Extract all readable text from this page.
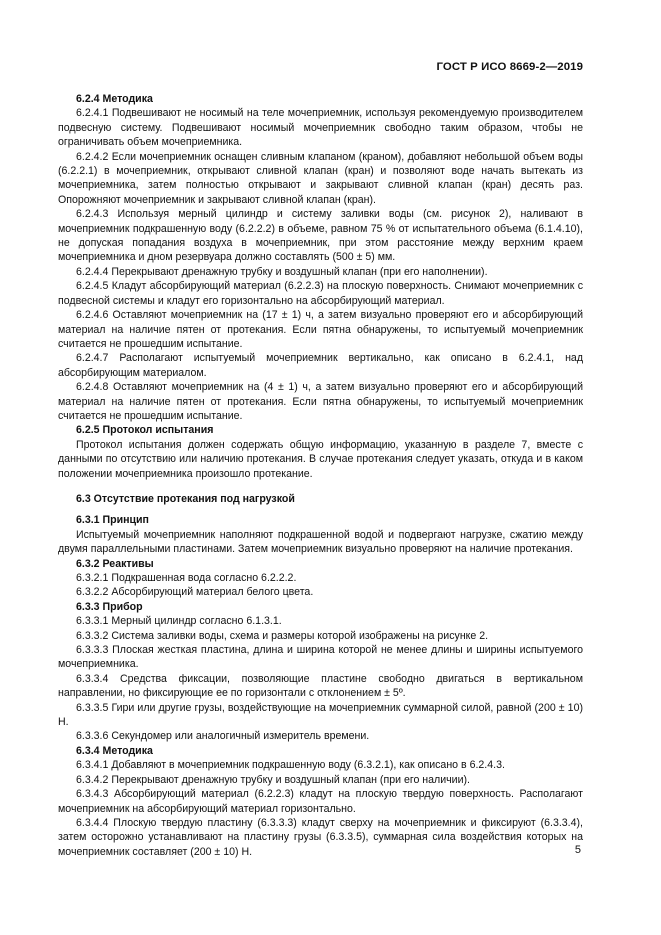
ГОСТ Р ИСО 8669-2—2019
6.2.4 Методика
6.2.4.1 Подвешивают не носимый на теле мочеприемник, используя рекомендуемую производителем подвесную систему. Подвешивают носимый мочеприемник свободно таким образом, чтобы не ограничивать объем мочеприемника.
6.2.4.2 Если мочеприемник оснащен сливным клапаном (краном), добавляют небольшой объем воды (6.2.2.1) в мочеприемник, открывают сливной клапан (кран) и позволяют воде начать вытекать из мочеприемника, затем полностью открывают и закрывают сливной клапан (кран) десять раз. Опорожняют мочеприемник и закрывают сливной клапан (кран).
6.2.4.3 Используя мерный цилиндр и систему заливки воды (см. рисунок 2), наливают в мочеприемник подкрашенную воду (6.2.2.2) в объеме, равном 75 % от испытательного объема (6.1.4.10), не допуская попадания воздуха в мочеприемник, при этом расстояние между верхним краем мочеприемника и дном резервуара должно составлять (500 ± 5) мм.
6.2.4.4 Перекрывают дренажную трубку и воздушный клапан (при его наполнении).
6.2.4.5 Кладут абсорбирующий материал (6.2.2.3) на плоскую поверхность. Снимают мочеприемник с подвесной системы и кладут его горизонтально на абсорбирующий материал.
6.2.4.6 Оставляют мочеприемник на (17 ± 1) ч, а затем визуально проверяют его и абсорбирующий материал на наличие пятен от протекания. Если пятна обнаружены, то испытуемый мочеприемник считается не прошедшим испытание.
6.2.4.7 Располагают испытуемый мочеприемник вертикально, как описано в 6.2.4.1, над абсорбирующим материалом.
6.2.4.8 Оставляют мочеприемник на (4 ± 1) ч, а затем визуально проверяют его и абсорбирующий материал на наличие пятен от протекания. Если пятна обнаружены, то испытуемый мочеприемник считается не прошедшим испытание.
6.2.5 Протокол испытания
Протокол испытания должен содержать общую информацию, указанную в разделе 7, вместе с данными по отсутствию или наличию протекания. В случае протекания следует указать, откуда и в каком положении мочеприемника произошло протекание.
6.3 Отсутствие протекания под нагрузкой
6.3.1 Принцип
Испытуемый мочеприемник наполняют подкрашенной водой и подвергают нагрузке, сжатию между двумя параллельными пластинами. Затем мочеприемник визуально проверяют на наличие протекания.
6.3.2 Реактивы
6.3.2.1 Подкрашенная вода согласно 6.2.2.2.
6.3.2.2 Абсорбирующий материал белого цвета.
6.3.3 Прибор
6.3.3.1 Мерный цилиндр согласно 6.1.3.1.
6.3.3.2 Система заливки воды, схема и размеры которой изображены на рисунке 2.
6.3.3.3 Плоская жесткая пластина, длина и ширина которой не менее длины и ширины испытуемого мочеприемника.
6.3.3.4 Средства фиксации, позволяющие пластине свободно двигаться в вертикальном направлении, но фиксирующие ее по горизонтали с отклонением ± 5º.
6.3.3.5 Гири или другие грузы, воздействующие на мочеприемник суммарной силой, равной (200 ± 10) Н.
6.3.3.6 Секундомер или аналогичный измеритель времени.
6.3.4 Методика
6.3.4.1 Добавляют в мочеприемник подкрашенную воду (6.3.2.1), как описано в 6.2.4.3.
6.3.4.2 Перекрывают дренажную трубку и воздушный клапан (при его наличии).
6.3.4.3 Абсорбирующий материал (6.2.2.3) кладут на плоскую твердую поверхность. Располагают мочеприемник на абсорбирующий материал горизонтально.
6.3.4.4 Плоскую твердую пластину (6.3.3.3) кладут сверху на мочеприемник и фиксируют (6.3.3.4), затем осторожно устанавливают на пластину грузы (6.3.3.5), суммарная сила воздействия которых на мочеприемник составляет (200 ± 10) Н.	5
